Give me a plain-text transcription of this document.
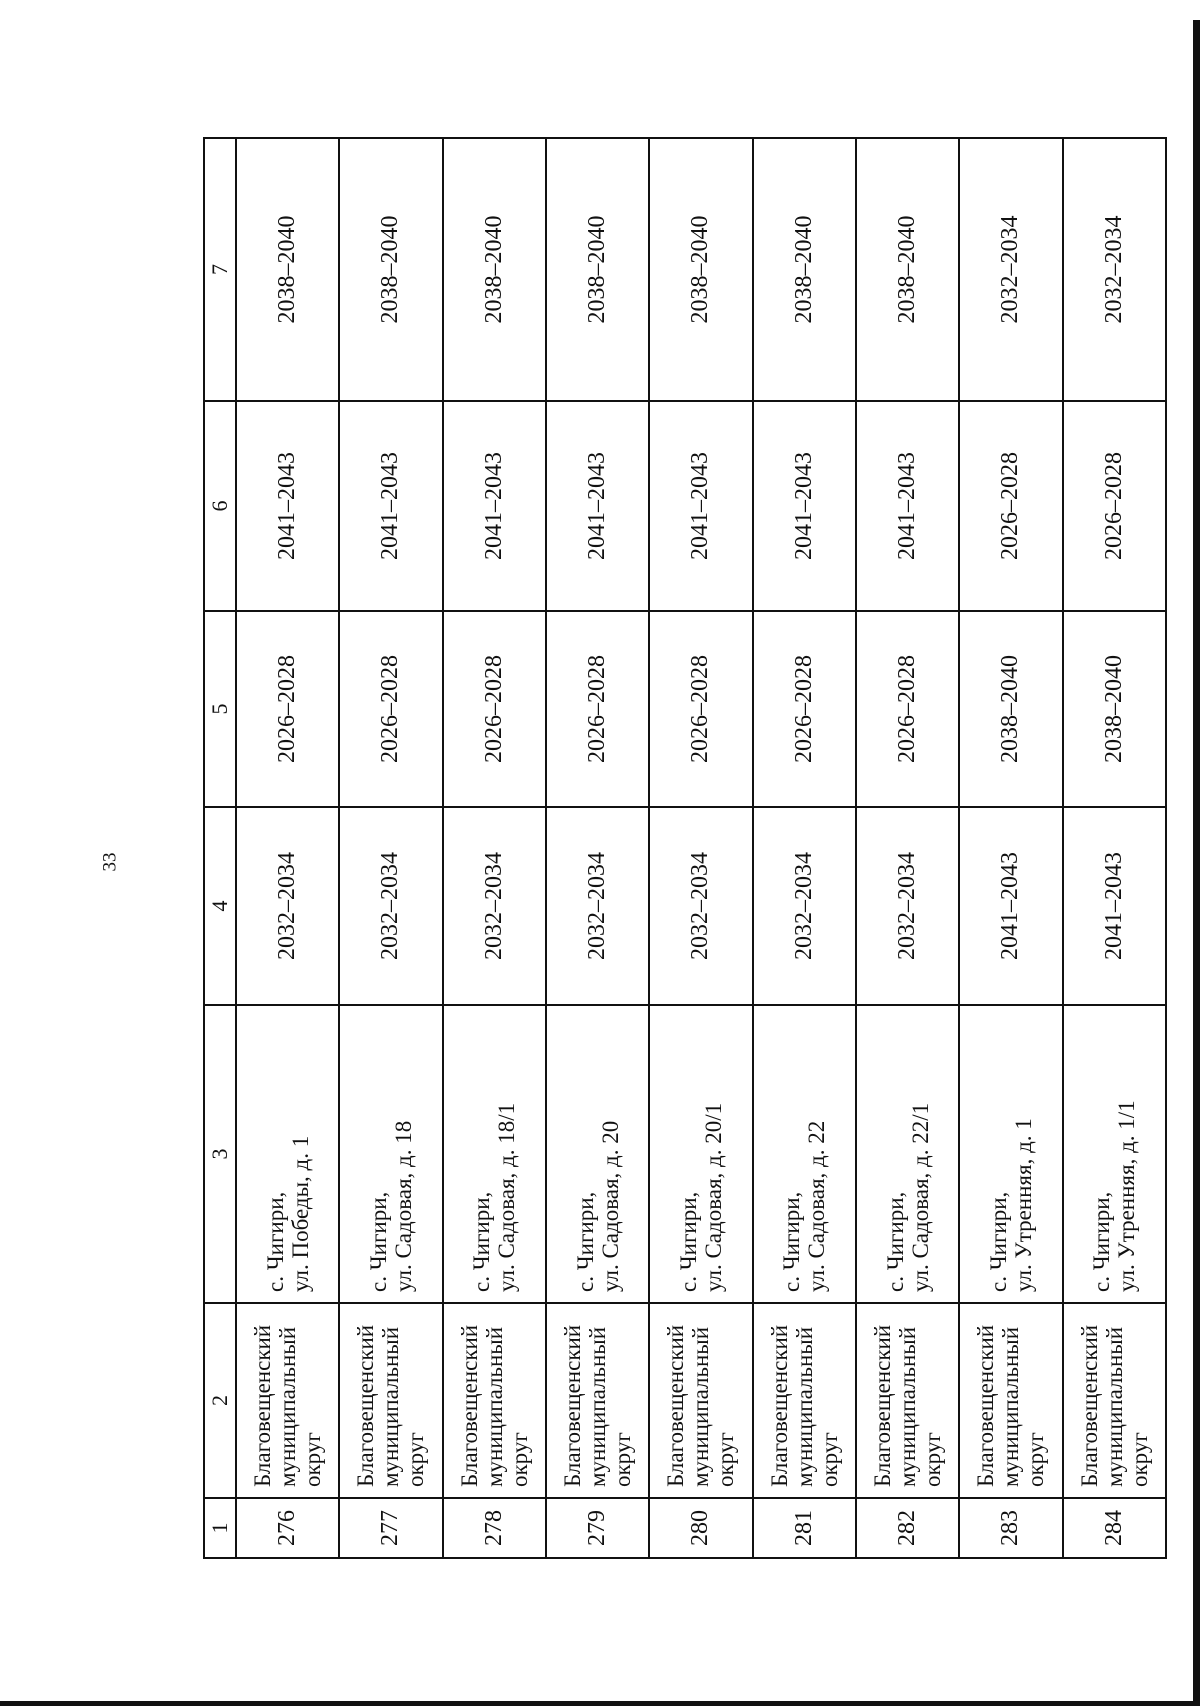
33
1	2	3	4	5	6	7
276	Благовещенский муниципальный округ	с. Чигири, ул. Победы, д. 1	2032–2034	2026–2028	2041–2043	2038–2040
277	Благовещенский муниципальный округ	с. Чигири, ул. Садовая, д. 18	2032–2034	2026–2028	2041–2043	2038–2040
278	Благовещенский муниципальный округ	с. Чигири, ул. Садовая, д. 18/1	2032–2034	2026–2028	2041–2043	2038–2040
279	Благовещенский муниципальный округ	с. Чигири, ул. Садовая, д. 20	2032–2034	2026–2028	2041–2043	2038–2040
280	Благовещенский муниципальный округ	с. Чигири, ул. Садовая, д. 20/1	2032–2034	2026–2028	2041–2043	2038–2040
281	Благовещенский муниципальный округ	с. Чигири, ул. Садовая, д. 22	2032–2034	2026–2028	2041–2043	2038–2040
282	Благовещенский муниципальный округ	с. Чигири, ул. Садовая, д. 22/1	2032–2034	2026–2028	2041–2043	2038–2040
283	Благовещенский муниципальный округ	с. Чигири, ул. Утренняя, д. 1	2041–2043	2038–2040	2026–2028	2032–2034
284	Благовещенский муниципальный округ	с. Чигири, ул. Утренняя, д. 1/1	2041–2043	2038–2040	2026–2028	2032–2034
